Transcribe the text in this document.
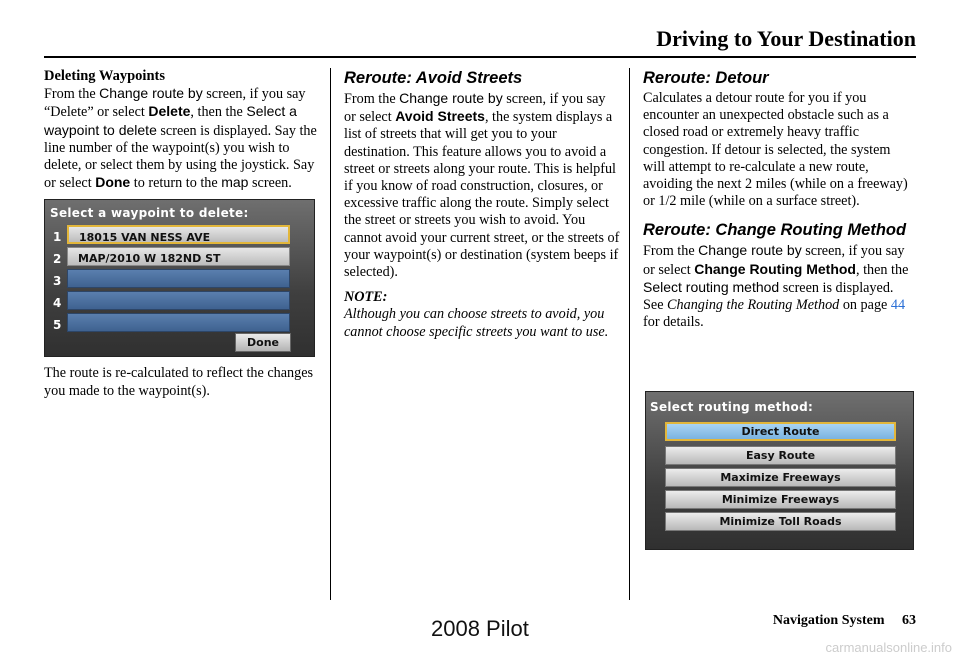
Driving to Your Destination
Deleting Waypoints

From the Change route by screen, if you say “Delete” or select Delete, then the Select a waypoint to delete screen is displayed. Say the line number of the waypoint(s) you wish to delete, or select them by using the joystick. Say or select Done to return to the map screen.

Select a waypoint to delete:
1
2
3
4
5
18015 VAN NESS AVE
MAP/2010 W 182ND ST
Done

The route is re-calculated to reflect the changes you made to the waypoint(s).

Reroute: Avoid Streets

From the Change route by screen, if you say or select Avoid Streets, the system displays a list of streets that will get you to your destination. This feature allows you to avoid a street or streets along your route. This is helpful if you know of road construction, closures, or excessive traffic along the route. Simply select the street or streets you wish to avoid. You cannot avoid your current street, or the streets of your waypoint(s) or destination (system beeps if selected).

NOTE:

Although you can choose streets to avoid, you cannot choose specific streets you want to use.

Reroute: Detour

Calculates a detour route for you if you encounter an unexpected obstacle such as a closed road or extremely heavy traffic congestion. If detour is selected, the system will attempt to re-calculate a new route, avoiding the next 2 miles (while on a freeway) or 1/2 mile (while on a surface street).

Reroute: Change Routing Method

From the Change route by screen, if you say or select Change Routing Method, then the Select routing method screen is displayed. See Changing the Routing Method on page 44 for details.

Select routing method:
Direct Route
Easy Route
Maximize Freeways
Minimize Freeways
Minimize Toll Roads
Navigation System 63
2008 Pilot
carmanualsonline.info
